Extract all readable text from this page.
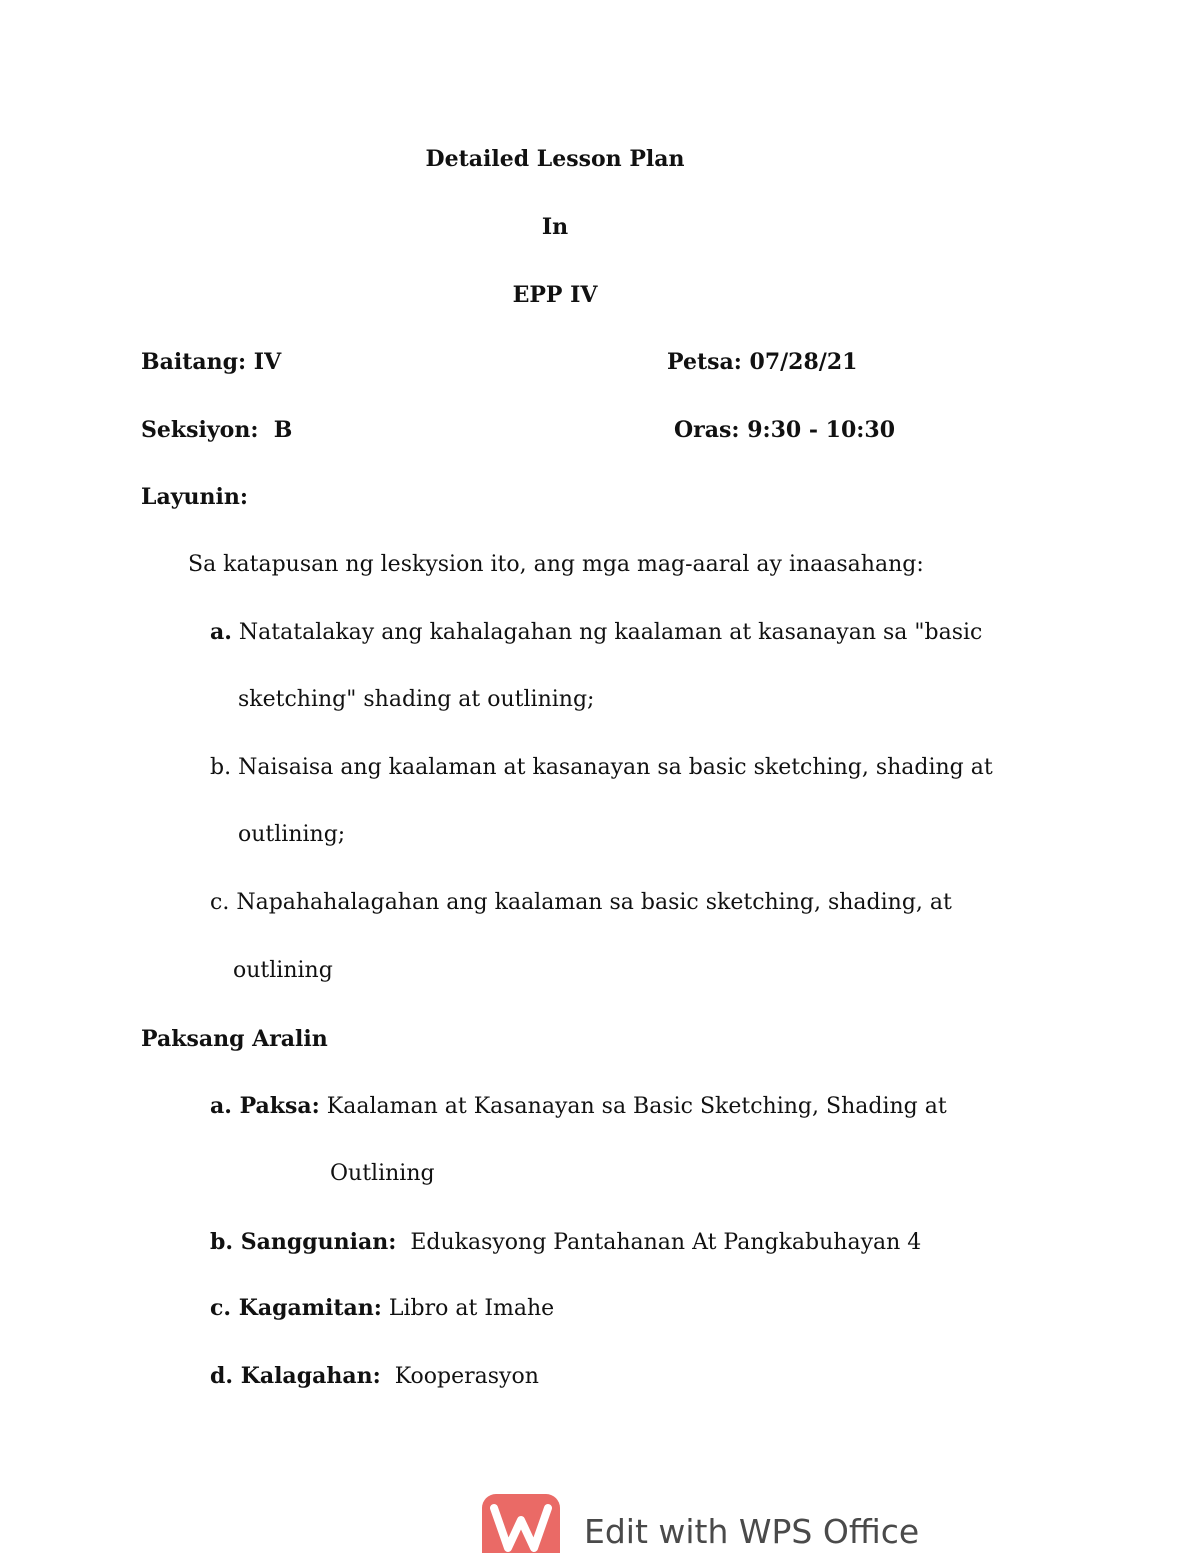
Detailed Lesson Plan
In
EPP IV
Baitang: IV	Petsa: 07/28/21
Seksiyon:  B	Oras: 9:30 - 10:30
Layunin:
Sa katapusan ng leskysion ito, ang mga mag-aaral ay inaasahang:
a. Natatalakay ang kahalagahan ng kaalaman at kasanayan sa "basic
sketching" shading at outlining;
b. Naisaisa ang kaalaman at kasanayan sa basic sketching, shading at
outlining;
c. Napahahalagahan ang kaalaman sa basic sketching, shading, at
outlining
Paksang Aralin
a. Paksa: Kaalaman at Kasanayan sa Basic Sketching, Shading at
Outlining
b. Sanggunian:  Edukasyong Pantahanan At Pangkabuhayan 4
c. Kagamitan: Libro at Imahe
d. Kalagahan:  Kooperasyon
Edit with WPS Office
